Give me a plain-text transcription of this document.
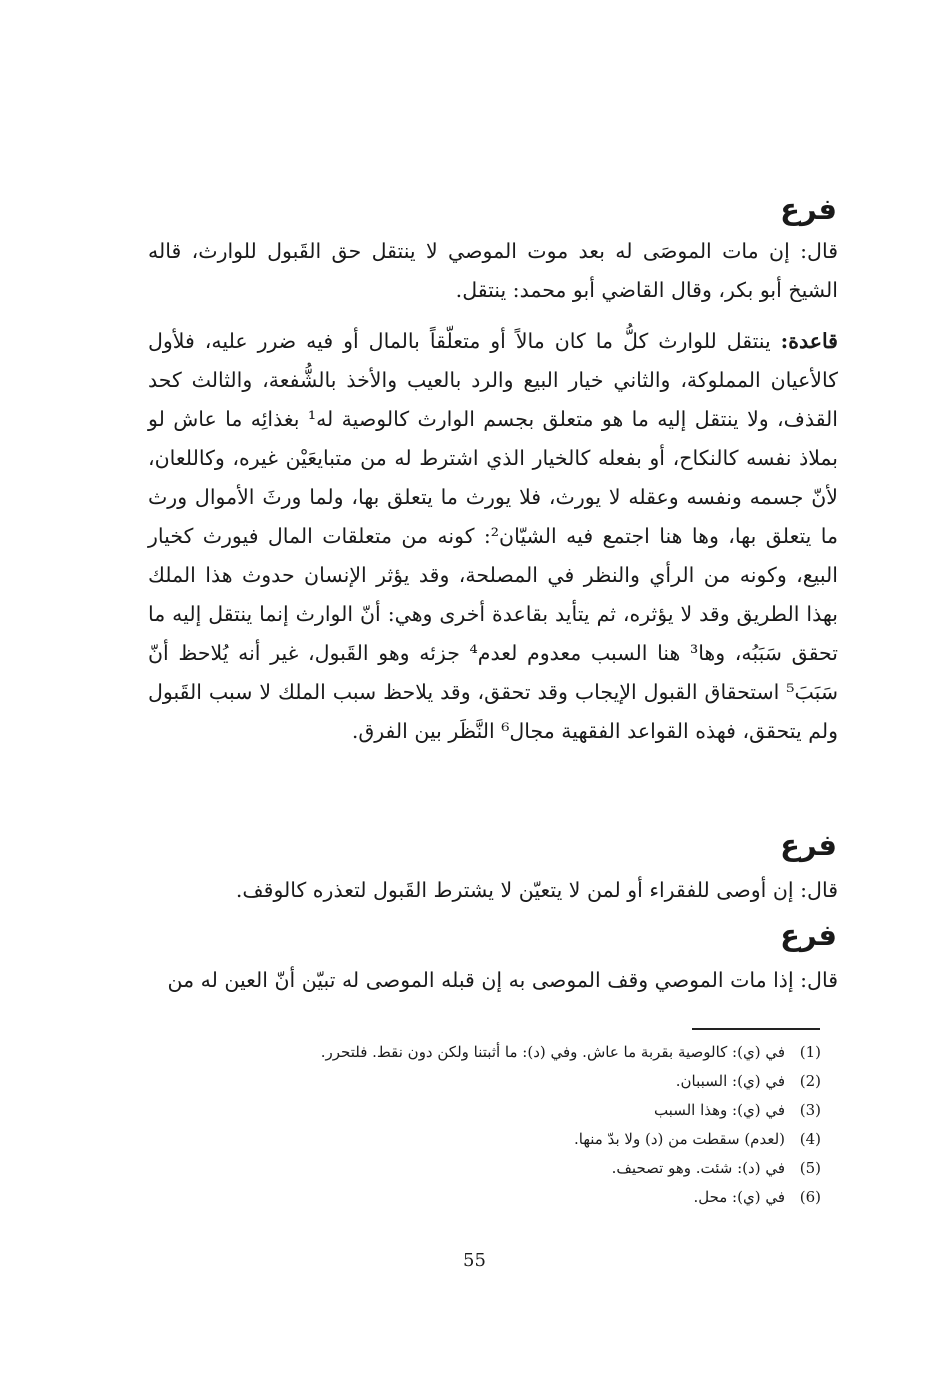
فرع
قال: إن مات الموصَى له بعد موت الموصي لا ينتقل حق القَبول للوارث، قاله الشيخ أبو بكر، وقال القاضي أبو محمد: ينتقل.
قاعدة: ينتقل للوارث كلُّ ما كان مالاً أو متعلّقاً بالمال أو فيه ضرر عليه، فلأول كالأعيان المملوكة، والثاني خيار البيع والرد بالعيب والأخذ بالشُّفعة، والثالث كحد القذف، ولا ينتقل إليه ما هو متعلق بجسم الوارث كالوصية له¹ بغذائِه ما عاش لو بملاذ نفسه كالنكاح، أو بفعله كالخيار الذي اشترط له من متبايعَيْن غيره، وكاللعان، لأنّ جسمه ونفسه وعقله لا يورث، فلا يورث ما يتعلق بها، ولما ورثَ الأموال ورث ما يتعلق بها، وها هنا اجتمع فيه الشيّان²: كونه من متعلقات المال فيورث كخيار البيع، وكونه من الرأي والنظر في المصلحة، وقد يؤثر الإنسان حدوث هذا الملك بهذا الطريق وقد لا يؤثره، ثم يتأيد بقاعدة أخرى وهي: أنّ الوارث إنما ينتقل إليه ما تحقق سَبَبُه، وها³ هنا السبب معدوم لعدم⁴ جزئه وهو القَبول، غير أنه يُلاحظ أنّ سَبَبَ⁵ استحقاق القبول الإيجاب وقد تحقق، وقد يلاحظ سبب الملك لا سبب القَبول ولم يتحقق، فهذه القواعد الفقهية مجال⁶ النَّظَر بين الفرق.
فرع
قال: إن أوصى للفقراء أو لمن لا يتعيّن لا يشترط القَبول لتعذره كالوقف.
فرع
قال: إذا مات الموصي وقف الموصى به إن قبله الموصى له تبيّن أنّ العين له من
(1)في (ي): كالوصية بقربة ما عاش. وفي (د): ما أثبتنا ولكن دون نقط. فلتحرر.
(2)في (ي): السببان.
(3)في (ي): وهذا السبب
(4)(لعدم) سقطت من (د) ولا بدّ منها.
(5)في (د): شئت. وهو تصحيف.
(6)في (ي): محل.
55
